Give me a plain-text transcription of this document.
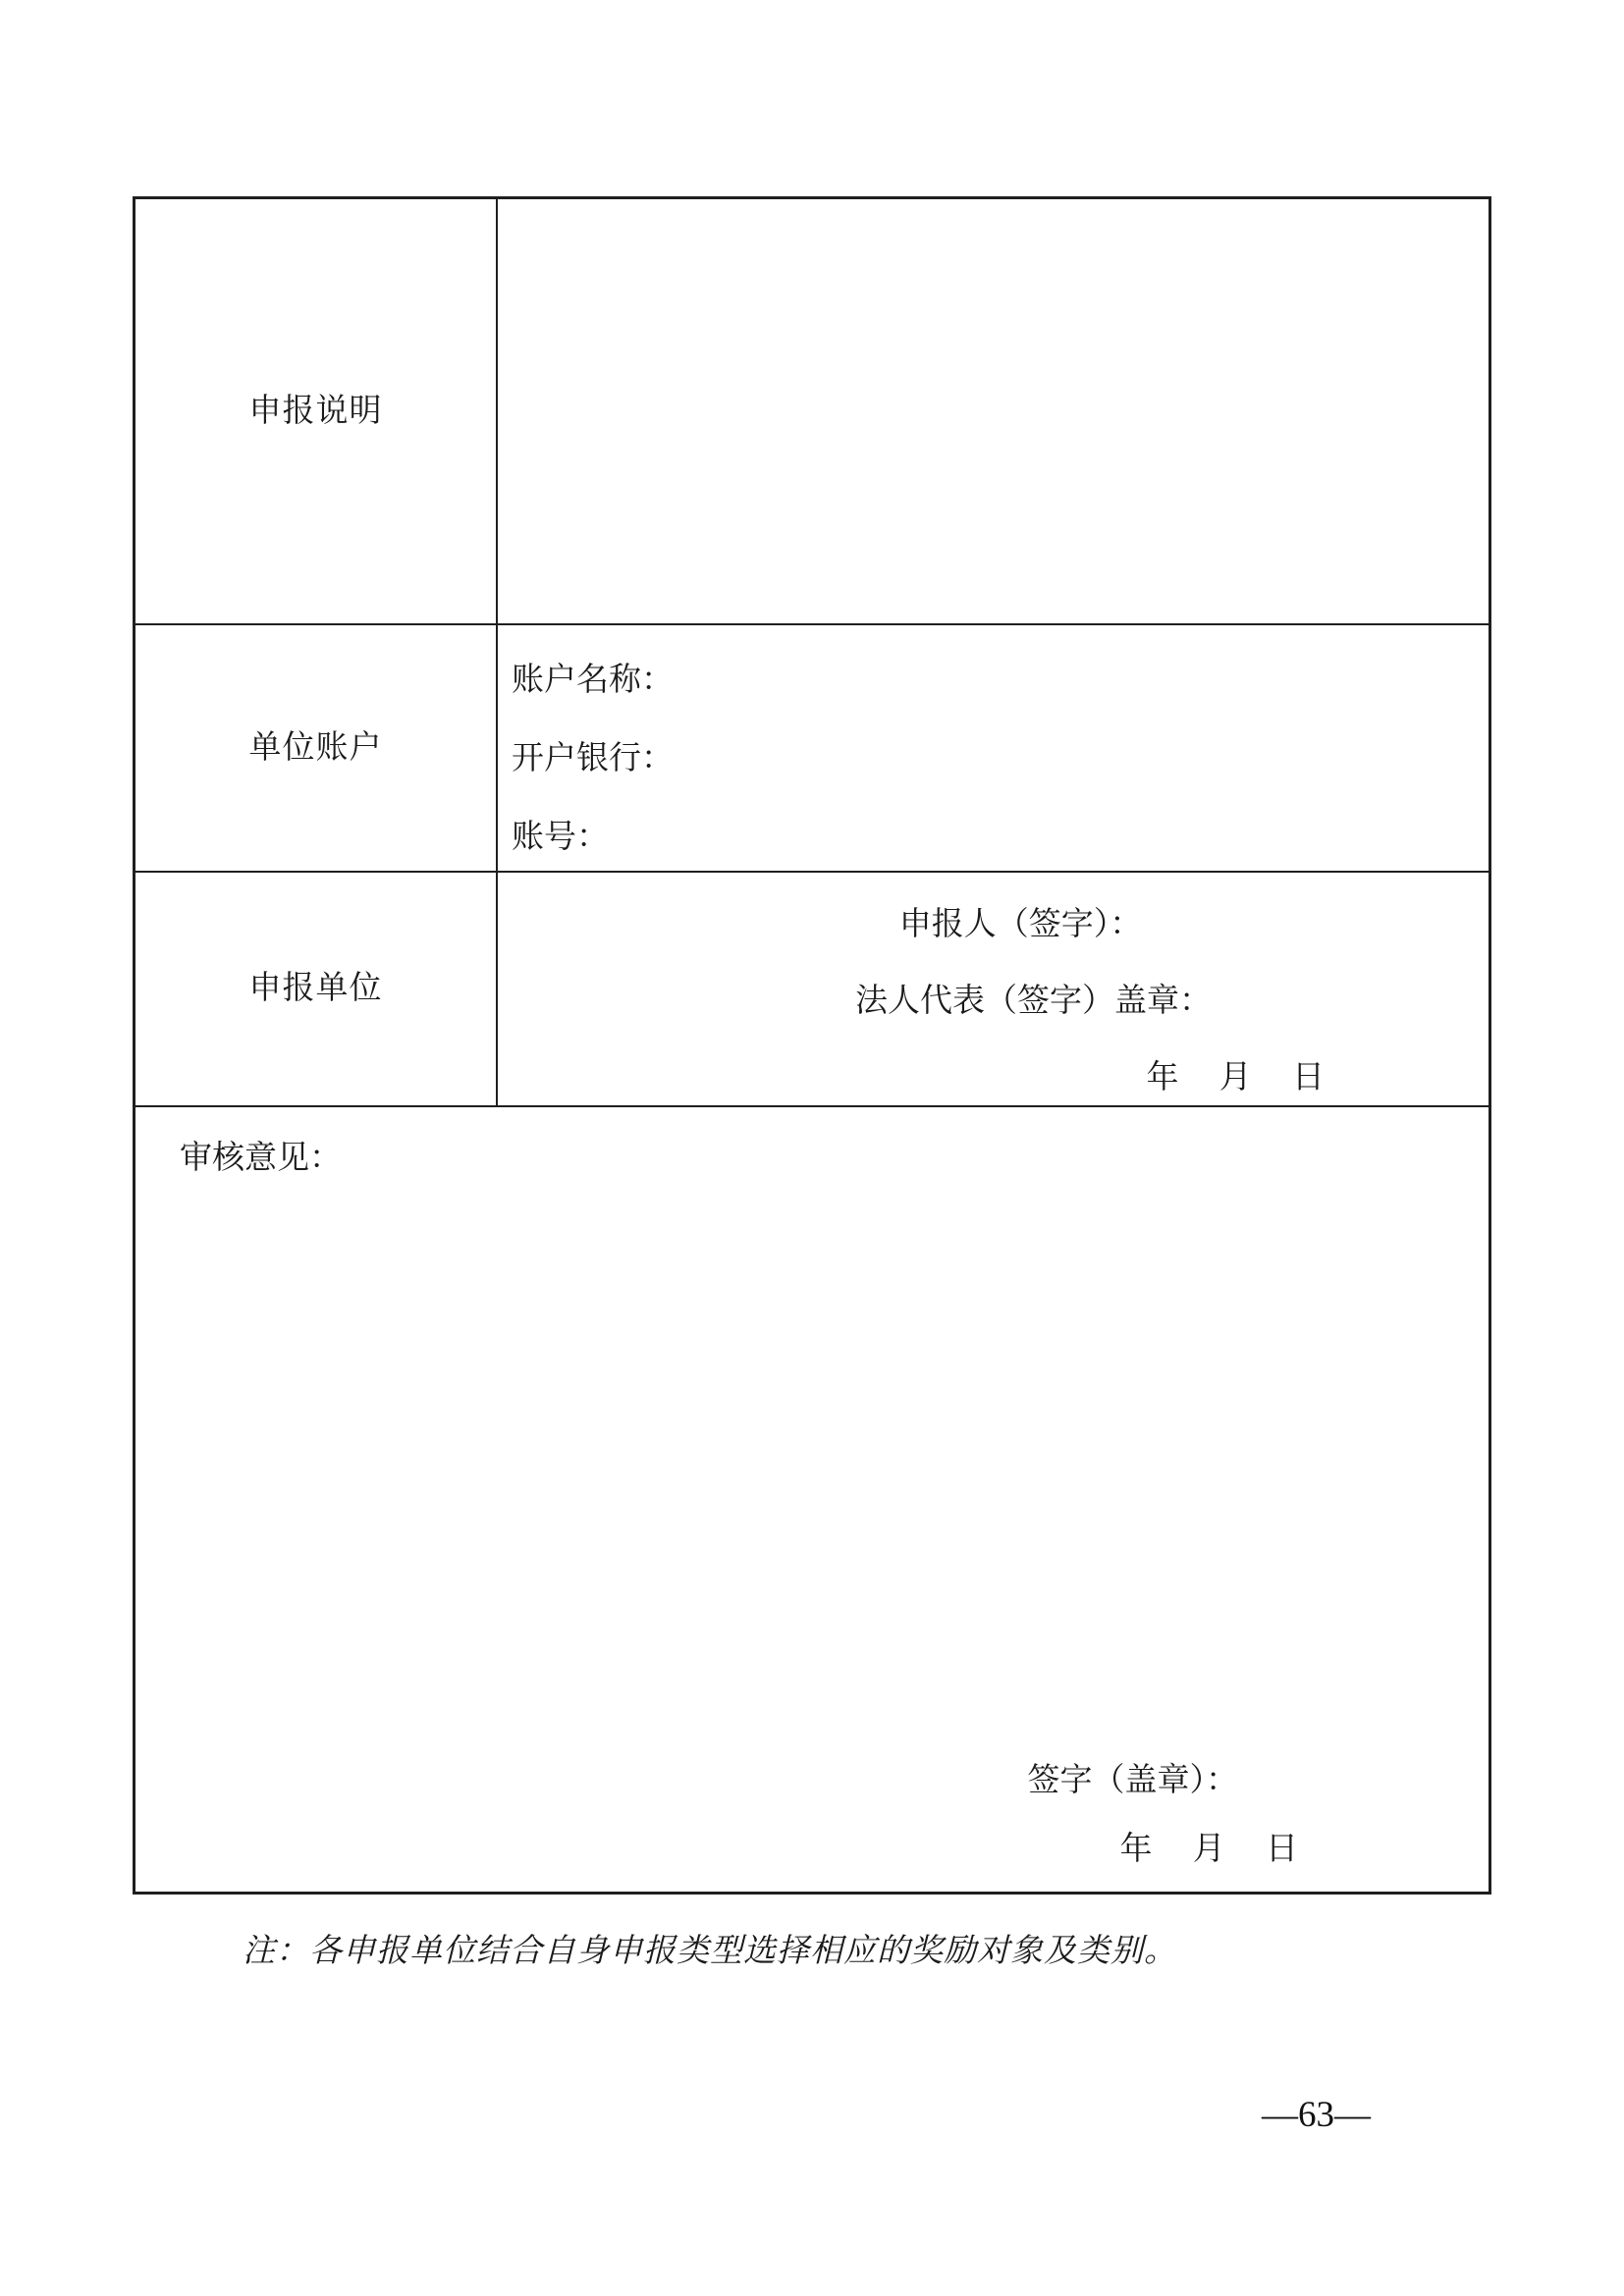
申报说明
单位账户
账户名称：
开户银行：
账号：
申报单位
申报人（签字）：
法人代表（签字）盖章：
年　 月　 日
审核意见：
签字（盖章）：
年　 月　 日
注：各申报单位结合自身申报类型选择相应的奖励对象及类别。
—63—
